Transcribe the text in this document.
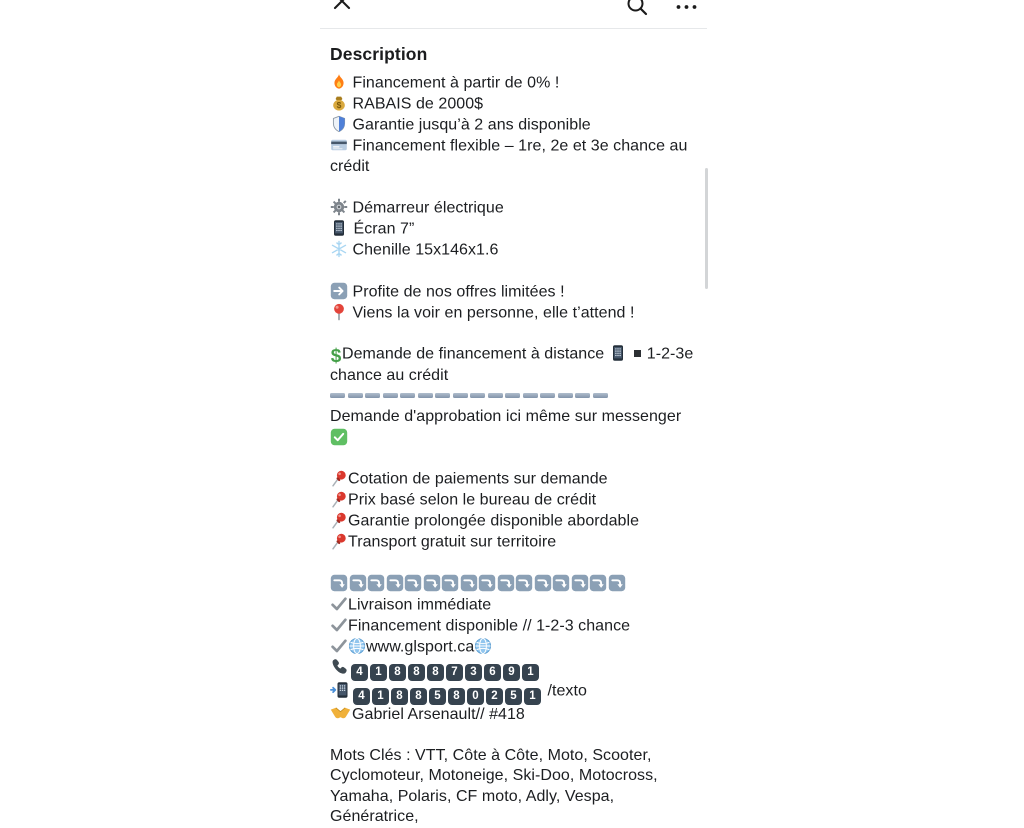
Description
Financement à partir de 0% !
$ RABAIS de 2000$
Garantie jusqu’à 2 ans disponible
Financement flexible – 1re, 2e et 3e chance au
crédit
Démarreur électrique
Écran 7”
Chenille 15x146x1.6
Profite de nos offres limitées !
Viens la voir en personne, elle t’attend !
$ Demande de financement à distance
1-2-3e
chance au crédit
Demande d'approbation ici même sur messenger
Cotation de paiements sur demande
Prix basé selon le bureau de crédit
Garantie prolongée disponible abordable
Transport gratuit sur territoire
Livraison immédiate
Financement disponible // 1-2-3 chance
www.glsport.ca
4 1 8 8 8 7 3 6 9 1
4 1 8 8 5 8 0 2 5 1 /texto
Gabriel Arsenault// #418
Mots Clés : VTT, Côte à Côte, Moto, Scooter,
Cyclomoteur, Motoneige, Ski-Doo, Motocross,
Yamaha, Polaris, CF moto, Adly, Vespa, Génératrice,
